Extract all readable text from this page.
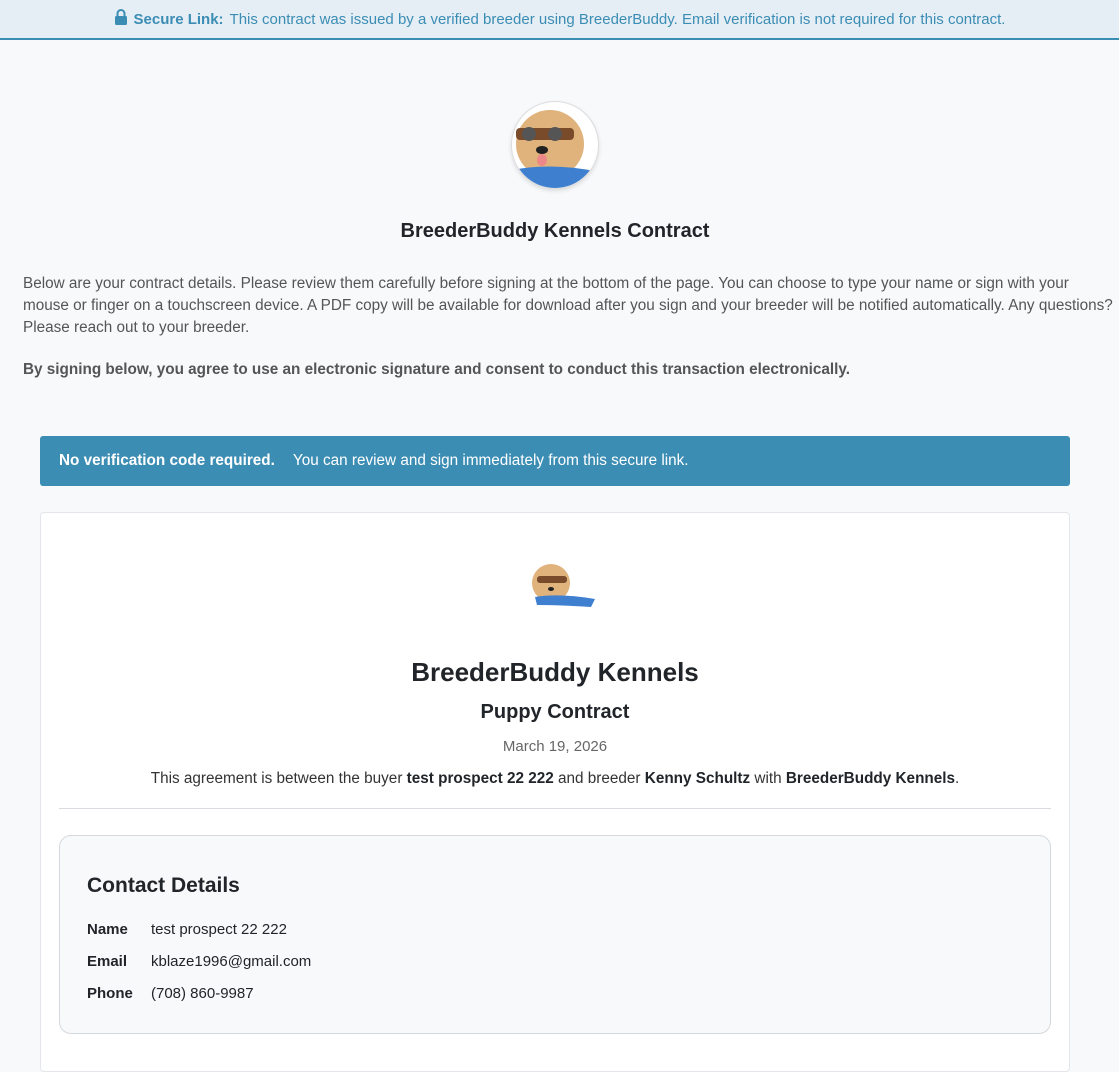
Secure Link: This contract was issued by a verified breeder using BreederBuddy. Email verification is not required for this contract.
BreederBuddy Kennels Contract

Below are your contract details. Please review them carefully before signing at the bottom of the page. You can choose to type your name or sign with your mouse or finger on a touchscreen device. A PDF copy will be available for download after you sign and your breeder will be notified automatically. Any questions? Please reach out to your breeder.

By signing below, you agree to use an electronic signature and consent to conduct this transaction electronically.

No verification code required. You can review and sign immediately from this secure link.
BreederBuddy Kennels
Puppy Contract
March 19, 2026
This agreement is between the buyer test prospect 22 222 and breeder Kenny Schultz with BreederBuddy Kennels.
Contact Details
Name	test prospect 22 222
Email	kblaze1996@gmail.com
Phone	(708) 860-9987
